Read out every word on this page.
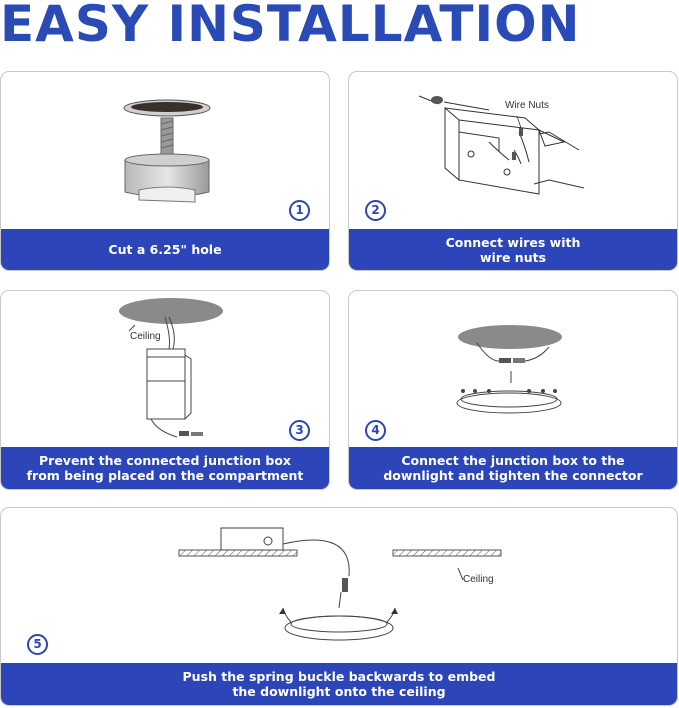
EASY INSTALLATION
1
Cut a 6.25" hole
Wire Nuts
2
Connect wires with
wire nuts
Ceiling
3
Prevent the connected junction box
from being placed on the compartment
4
Connect the junction box to the
downlight and tighten the connector
Ceiling
5
Push the spring buckle backwards to embed
the downlight onto the ceiling
